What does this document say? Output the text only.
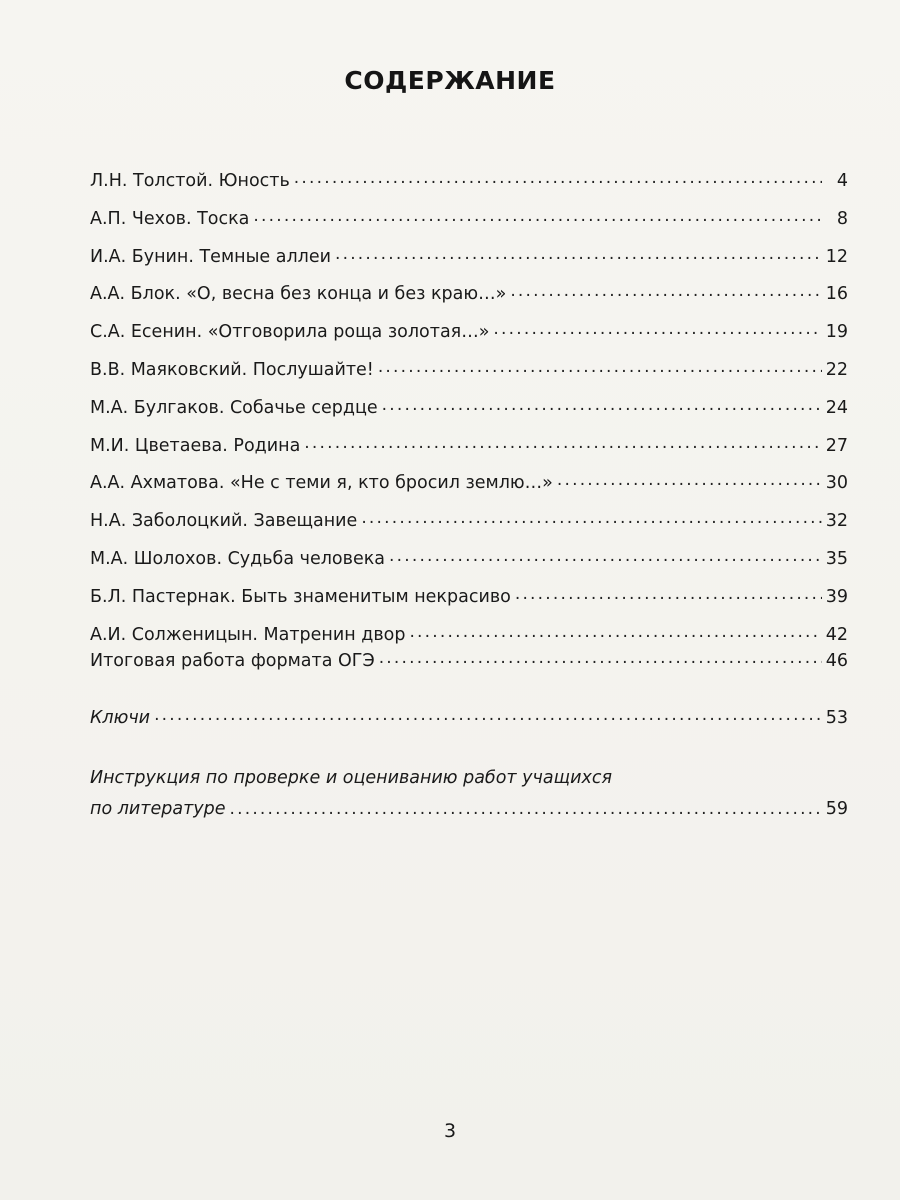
СОДЕРЖАНИЕ
Л.Н. Толстой. Юность . . .	4
А.П. Чехов. Тоска . . .	8
И.А. Бунин. Темные аллеи . . .	12
А.А. Блок. «О, весна без конца и без краю…» . . .	16
С.А. Есенин. «Отговорила роща золотая…» . . .	19
В.В. Маяковский. Послушайте! . . .	22
М.А. Булгаков. Собачье сердце . . .	24
М.И. Цветаева. Родина . . .	27
А.А. Ахматова. «Не с теми я, кто бросил землю…» . . .	30
Н.А. Заболоцкий. Завещание . . .	32
М.А. Шолохов. Судьба человека . . .	35
Б.Л. Пастернак. Быть знаменитым некрасиво . . .	39
А.И. Солженицын. Матренин двор . . .	42
Итоговая работа формата ОГЭ . . .	46
Ключи . . .	53
Инструкция по проверке и оцениванию работ учащихся
по литературе . . .	59
3
